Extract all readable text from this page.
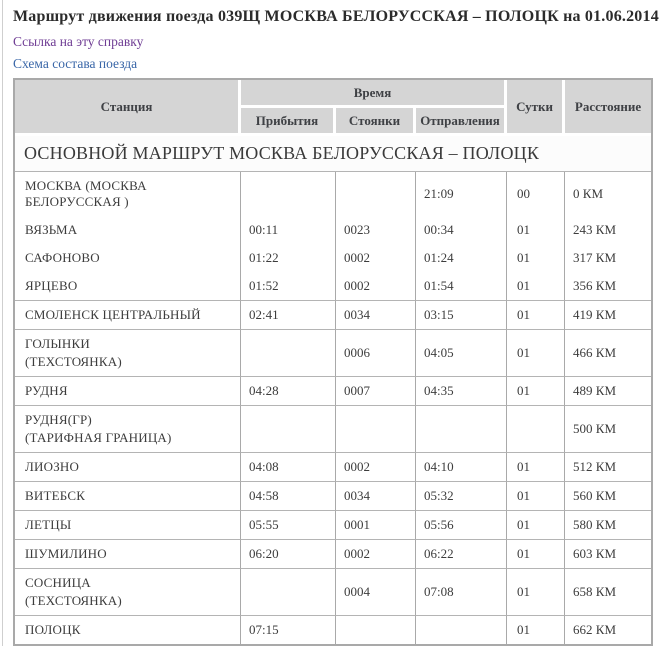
Маршрут движения поезда 039Щ МОСКВА БЕЛОРУССКАЯ – ПОЛОЦК на 01.06.2014
Ссылка на эту справку
Схема состава поезда
Станция	Время			Сутки	Расстояние
	Прибытия	Стоянки	Отправления		
ОСНОВНОЙ МАРШРУТ МОСКВА БЕЛОРУССКАЯ – ПОЛОЦК					

МОСКВА (МОСКВА БЕЛОРУССКАЯ )			21:09	00	0 КМ

ВЯЗЬМА	00:11	0023	00:34	01	243 КМ

САФОНОВО	01:22	0002	01:24	01	317 КМ

ЯРЦЕВО	01:52	0002	01:54	01	356 КМ

СМОЛЕНСК ЦЕНТРАЛЬНЫЙ	02:41	0034	03:15	01	419 КМ

ГОЛЫНКИ
(ТЕХСТОЯНКА)		0006	04:05	01	466 КМ

РУДНЯ	04:28	0007	04:35	01	489 КМ

РУДНЯ(ГР)
(ТАРИФНАЯ ГРАНИЦА)					500 КМ

ЛИОЗНО	04:08	0002	04:10	01	512 КМ

ВИТЕБСК	04:58	0034	05:32	01	560 КМ

ЛЕТЦЫ	05:55	0001	05:56	01	580 КМ

ШУМИЛИНО	06:20	0002	06:22	01	603 КМ

СОСНИЦА
(ТЕХСТОЯНКА)		0004	07:08	01	658 КМ

ПОЛОЦК	07:15			01	662 КМ
